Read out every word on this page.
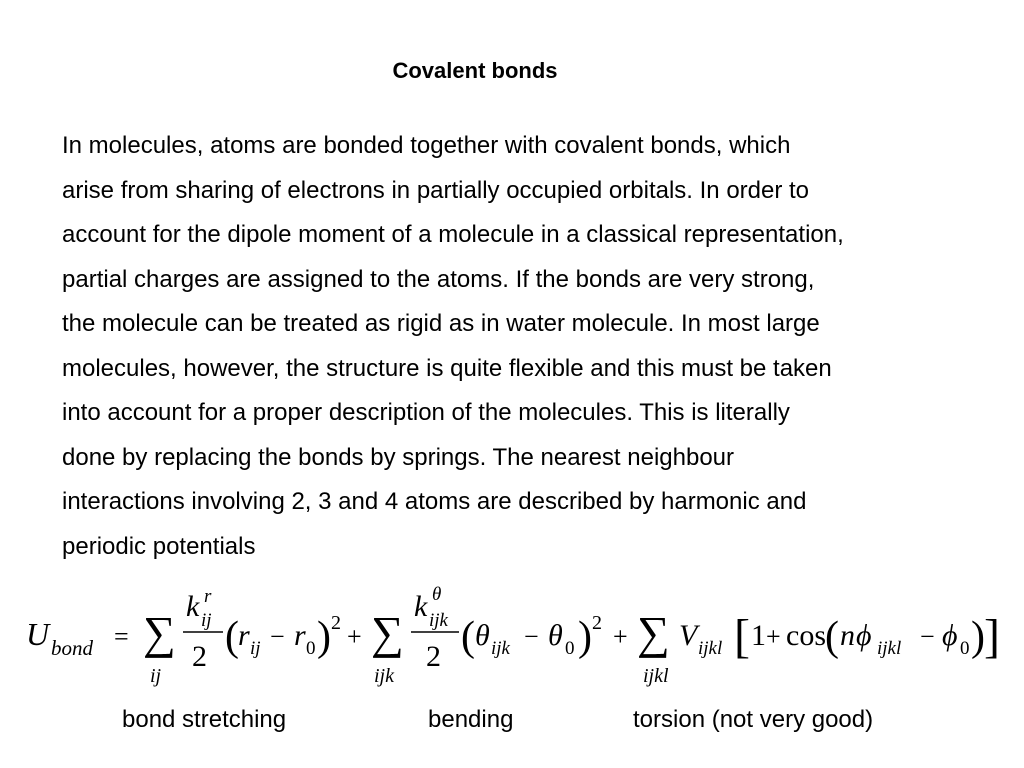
Covalent bonds
In molecules, atoms are bonded together with covalent bonds, which
arise from sharing of electrons in partially occupied orbitals. In order to
account for the dipole moment of a molecule in a classical representation,
partial charges are assigned to the atoms. If the bonds are very strong,
the molecule can be treated as rigid as in water molecule. In most large
molecules, however, the structure is quite flexible and this must be taken
into account for a proper description of the molecules. This is literally
done by replacing the bonds by springs. The nearest neighbour
interactions involving 2, 3 and 4 atoms are described by harmonic and
periodic potentials
U bond = ∑
ij
k r
ij
2 ( r ij − r 0 ) 2 + ∑
ijk
k θ
ijk
2 ( θ ijk − θ 0 ) 2 + ∑
ijkl
V ijkl [ 1 + cos ( n ϕ ijkl − ϕ 0 ) ]
bond stretching	bending	torsion (not very good)
